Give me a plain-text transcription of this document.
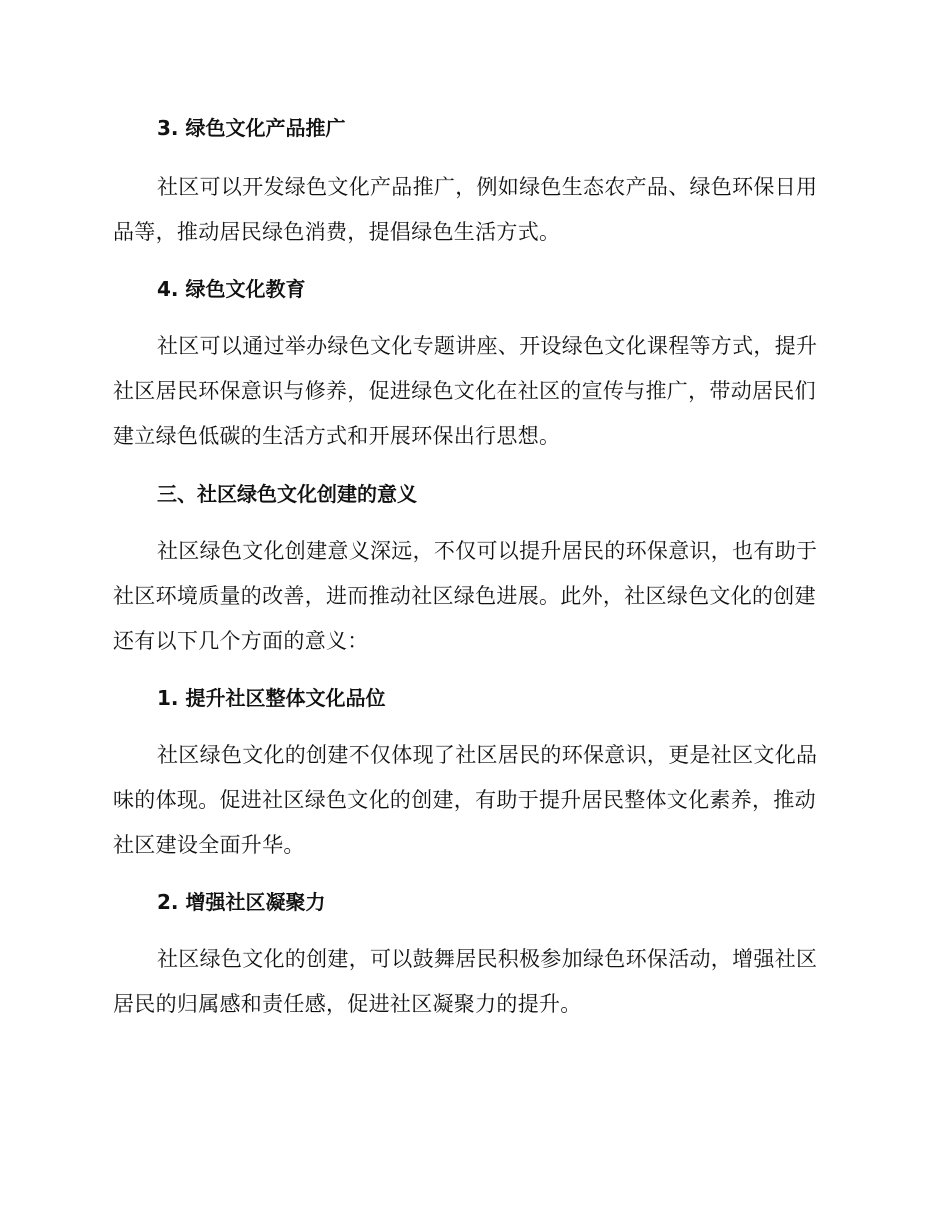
3. 绿色文化产品推广
社区可以开发绿色文化产品推广，例如绿色生态农产品、绿色环保日用
品等，推动居民绿色消费，提倡绿色生活方式。
4. 绿色文化教育
社区可以通过举办绿色文化专题讲座、开设绿色文化课程等方式，提升
社区居民环保意识与修养，促进绿色文化在社区的宣传与推广，带动居民们
建立绿色低碳的生活方式和开展环保出行思想。
三、社区绿色文化创建的意义
社区绿色文化创建意义深远，不仅可以提升居民的环保意识，也有助于
社区环境质量的改善，进而推动社区绿色进展。此外，社区绿色文化的创建
还有以下几个方面的意义：
1. 提升社区整体文化品位
社区绿色文化的创建不仅体现了社区居民的环保意识，更是社区文化品
味的体现。促进社区绿色文化的创建，有助于提升居民整体文化素养，推动
社区建设全面升华。
2. 增强社区凝聚力
社区绿色文化的创建，可以鼓舞居民积极参加绿色环保活动，增强社区
居民的归属感和责任感，促进社区凝聚力的提升。
